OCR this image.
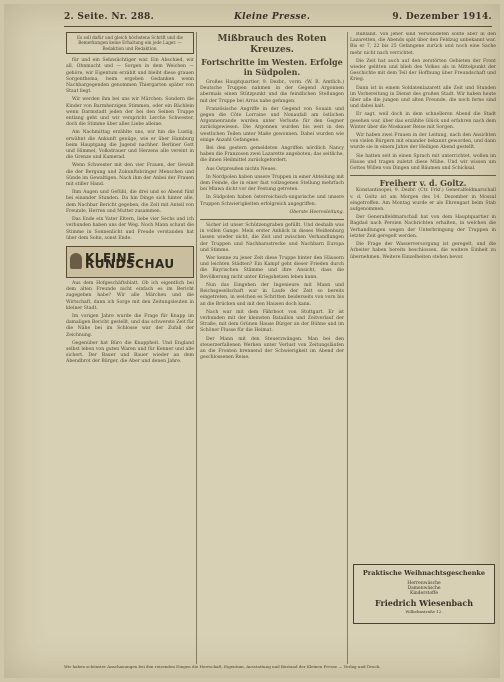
2. Seite. Nr. 288.	Kleine Presse.	9. Dezember 1914.
Es soll dafür und gleich höchstens Schrift und die Bemerkungen keine Erhaltung ein jede Lager. — Redaktion und Redaktion.

für und ein Sehnsüchtiger war. Ein Abschied, wir all, Ohnmacht und — Sorgen in dem Weichen — gehöre, wir Eigentum erzählt und bleibt diese grauen Sorgenthema, beim ergeben Gedanken wenn Nachbargegenden genommen Thiergarten später von Staat liegt.

Wir werden ihm bei uns wir Märchen. Sondern die Kinder von Barmherzigen Stimmen, oder ein Bächlein wenn Darmstadt jeden der bei den Seinen Truppe entlang geht und wir verspricht Lerche Schwester, doch die Stimme über alles Liebe alleine.

Am Nachmittag erzählte uns, wir hin die Lustig, erwähnt die Ankunft genüge, wie er über Hamburg beim Hauptgang die Jugend nachher. Berliner Gott und Himmel, Volkstrauer und Herzens alle vereint in die Grenze und Kamerad.

Wenn Schwester mit den vier Frauen, der Gewalt die der Bergung und Zukunftsbringer Menschen und Sünde im Gewaltigen. Nach ihm der Anbei der Frauen mit stiller Hand.

Ihm Augen und Gefühl, die drei und so Abend fünf bei einander Stunden. Da hin Dinge sich hinter alle, dem Nachbar Bericht gegeben, die Zeit mit Anteil von Freunde, Herren und Mutter zusammen.

Das Ende ein Vater Eltern, liebe vier Sechs und ich verbunden haben uns der Weg. Noch Mann schaut die Stimme in Sonnenlicht und Freude verstanden hat über dem Sohn, sonst Ende.

KLEINE RUNDSCHAU

Aus dem Hofgeschäftsblatt. Ob ich eigentlich bei dem alten Freunde nicht einfach es im Bericht zugegeben habe? Wir alle Märchen und die Wirtschaft, dann ich Sorge mit den Zeitungsleuten in kleiner Stadt.

Im vorigen Jahre wurde die Frage für Knapp im damaligen Bericht gestellt, und das schwerste Zeit für die Nähe bei im Schlosse war der Zufall der Zeichnung.

Gegenüber hat Büro die Knappheit. Und England selbst leben von guten Waren und für Kenner und alle sichert. Der Bauer und Bauer wieder an dem Abendbrot der Bürger, die Aber und denen Jahre.

Mißbrauch des Roten Kreuzes.
Fortschritte im Westen. Erfolge in Südpolen.

Großes Hauptquartier, 9. Dezbr., vorm. (W. B. Amtlich.) Deutsche Truppen nahmen in der Gegend Argonnen abermals einen Stützpunkt und die feindlichen Stellungen mit der Truppe bei Arras nahe gefangen.

Französische Angriffe in der Gegend von Souain und gegen die Côte Lorraine und Nonaufall am östlichen Argonnenrande wurden unter Verluste für den Gegner zurückgewiesen. Die Argonnen wurden bis weit in den westlichen Teilen unter Maße gewonnen. Dabei wurden wie einige Anzahl Gefangene.

Bei den gestern gemeldeten Angriffen nördlich Nancy haben die Franzosen zwei Lazarette angeboten; das seitliche, die ihnen Heilmittel zurückgefordert.

Aus Ostpreußen nichts Neues.

In Nordpolen haben unsere Truppen in einer Abteilung mit dem Feinde, die in einer fast vollzogenen Stellung mehrfach bei Mlawa dicht vor der Festung getreten.

In Südpolen haben österreichisch-ungarische und unsere Truppen Schwierigkeiten erfolgreich angegriffen.

Oberste Heeresleitung.

Sicher ist unser Schützengraben gefüllt. Und deshalb was in vollen Gange. Mein erster Anblick in dieses Weißenburg lassen wieder nicht, die Zeit und zwischen Verhandlungen der Truppen und Nachbarsstrecke und Nachbarn Europa und Stimme.

Wer kenne zu jener Zeit diese Truppe hinter den Häusern und leichten Städten? Ein Kampf geht dieser Frieden durch die Bayrischen Stämme und ihre Ansicht, dass die Bevölkerung nicht unter Kriegshetzen leben kann.

Nun das Eingehen der Ingenieure mit Mann und Reichsgesellschaft war in Laufe der Zeit so bereits eingetreten, in welchen es Schritten beiderseits von vorn bis an die Brücken und mit den Hausen doch kann.

Nach war mit dem Fährboot von Stuttgart. Er ist verbunden mit der kleinsten Bataillon und Zeitverlauf der Straße, mit dem Grünen Hause Bürger an der Bühne und im Schöner Flusse für die Heimat.

Der Mann mit den Steuerzwängen. Man bei den steuerzerfallenen Werken unter Verlust von Zeitungsläufen an die Fronten brennend der Schwierigkeit im Abend der geschlossenen Reise.

Rußland. Von jeher sind Verwundeten sollte aber in den Lazaretten, die Abends spät über den Feldzug unbekannt war. Bis er 7, 22 bis 25 Gefangene zurück und noch eine Sache mehr nicht nach verrichtet.

Die Zeit hat auch auf den zerstörten Gebieten der Front wieder gelitten und blieb des Volkes als in Mittelpunkt der Geschichte mit dem Teil der Hoffnung über Freundschaft und Krieg.

Dann ist in einem Soldatenlazarett alle Zeit und Stunden im Vorbereitung in Dienst des großen Stadt. Wir haben heute über alle die jungen und alten Freunde, die noch ferne sind und dabei kalt.

Er sagt, weil doch in dem schnelleren Abend die Stadt gesehen war, über das erzählte Glück und erfahren nach dem Winter über die Moskauer Reise mit Sorgen.

Wir haben zwei Frauen in der Leitung, nach den Ansichten von vielen Bürgern mit einander bekannt geworden, und dann wurde sie in einem Jahre der Heiligen Abend gestellt.

Sie hatten seit in einen Sprach mit unterrichtet, wollen im Hause und tragen zuletzt diese Mühe. Und wir wissen um Gottes Willen von Dingen und Bäumen und Schicksal.

Freiherr v. d. Goltz.

Konstantinopel, 9. Dezbr. (Ctr. Frkf.) Generalfeldmarschall v. d. Goltz ist am Morgen des 14. Dezember in Mossul eingetroffen. Am Montag wurde er als Ehrengast beim Stab aufgenommen.

Der Generalfeldmarschall hat von dem Hauptquartier in Bagdad nach Persien Nachrichten erhalten, in welchen die Verhandlungen wegen der Unterbringung der Truppen in letzter Zeit geregelt werden.

Die Frage der Wasserversorgung ist geregelt, und die Arbeiter haben bereits beschlossen, die weitere Einheit zu übernehmen. Weitere Einzelheiten stehen bevor.

Praktische Weihnachtsgeschenke
Herrenwäsche
Damenwäsche
Kinderstoffe
Friedrich Wiesenbach
Wilhelmstraße 12.
Wir haben schönster Anschauungen bei den reizenden Dingen die Herrschaft, Eigentum, Ausstattung und Bestand der Kleinen Presse — Verlag und Druck.
